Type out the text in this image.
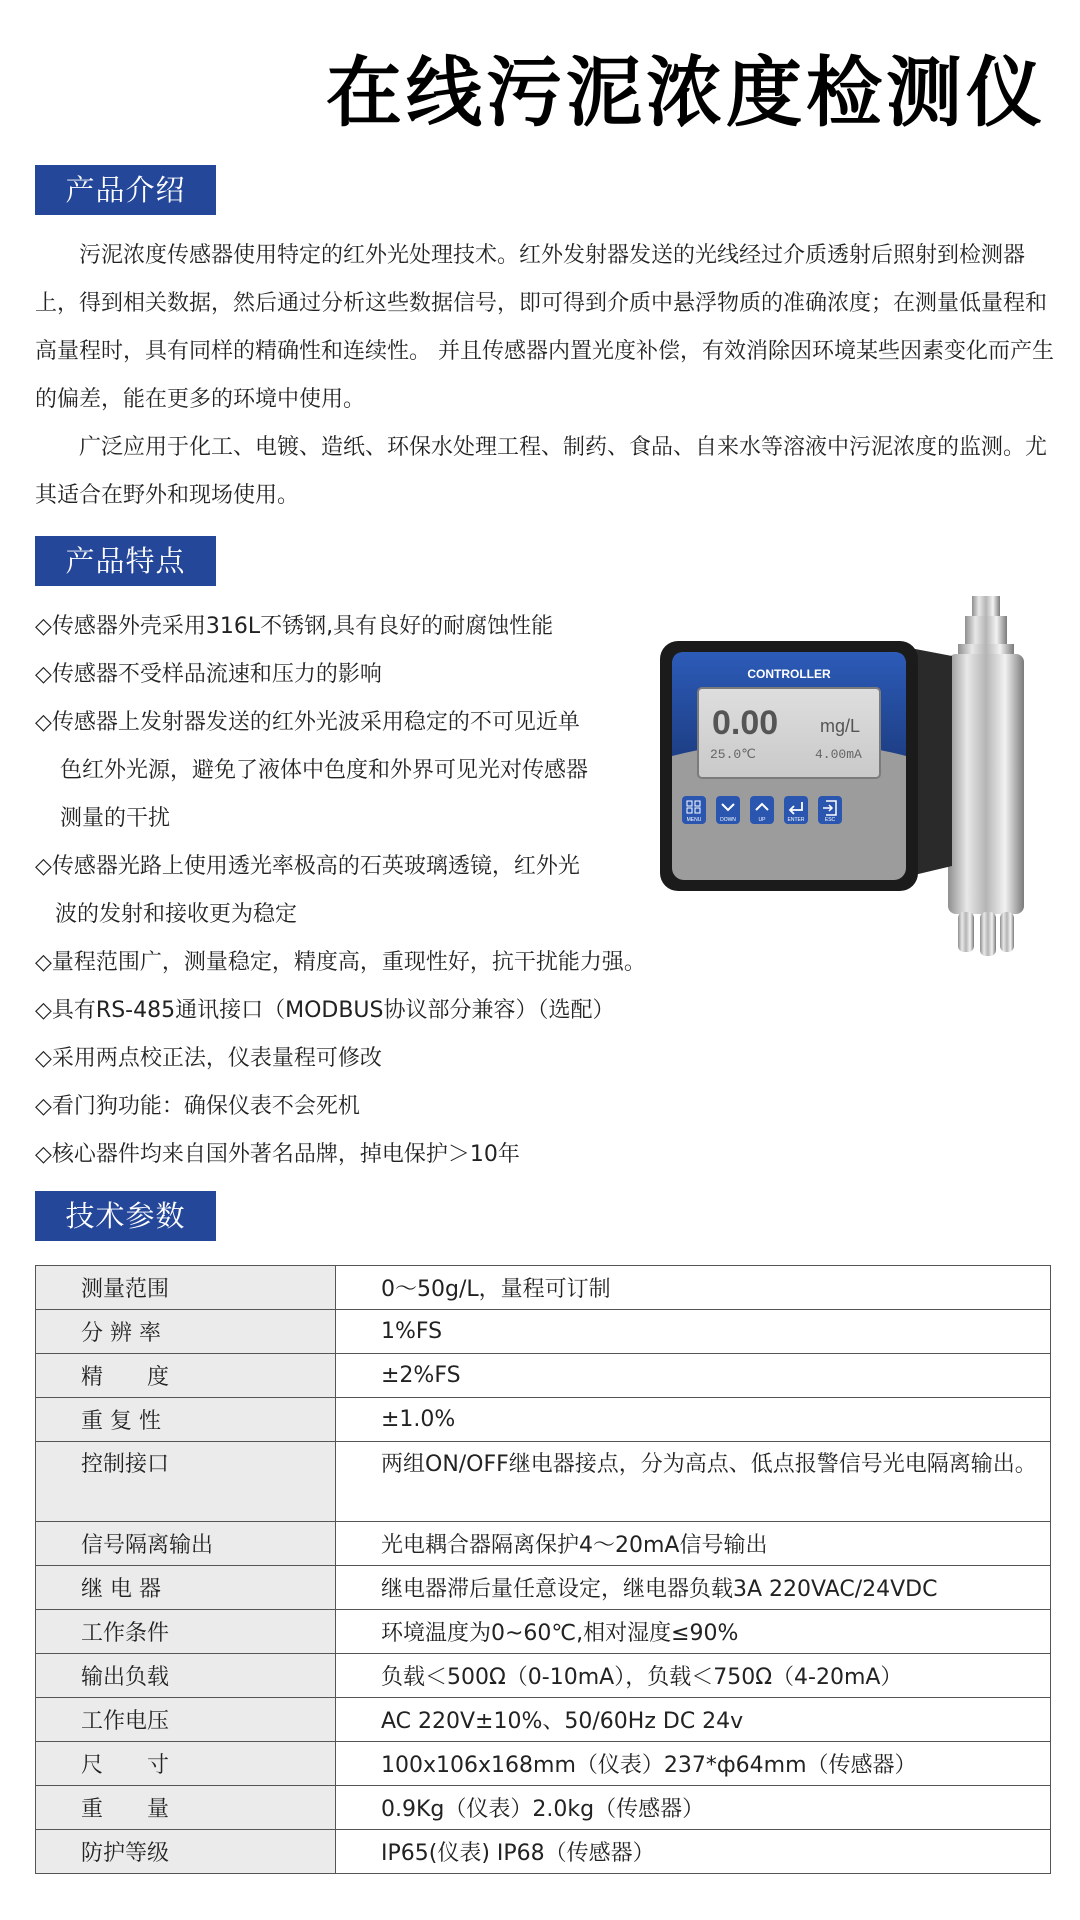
在线污泥浓度检测仪
产品介绍

污泥浓度传感器使用特定的红外光处理技术。红外发射器发送的光线经过介质透射后照射到检测器上，得到相关数据，然后通过分析这些数据信号，即可得到介质中悬浮物质的准确浓度；在测量低量程和高量程时，具有同样的精确性和连续性。 并且传感器内置光度补偿，有效消除因环境某些因素变化而产生的偏差，能在更多的环境中使用。

广泛应用于化工、电镀、造纸、环保水处理工程、制药、食品、自来水等溶液中污泥浓度的监测。尤其适合在野外和现场使用。

产品特点
◇传感器外壳采用316L不锈钢,具有良好的耐腐蚀性能
◇传感器不受样品流速和压力的影响
◇传感器上发射器发送的红外光波采用稳定的不可见近单
色红外光源，避免了液体中色度和外界可见光对传感器
测量的干扰
◇传感器光路上使用透光率极高的石英玻璃透镜，红外光
波的发射和接收更为稳定
◇量程范围广，测量稳定，精度高，重现性好，抗干扰能力强。
◇具有RS-485通讯接口（MODBUS协议部分兼容）（选配）
◇采用两点校正法，仪表量程可修改
◇看门狗功能：确保仪表不会死机
◇核心器件均来自国外著名品牌，掉电保护＞10年
CONTROLLER
0.00 mg/L
25.0℃	4.00mA
MENU	DOWN	UP	ENTER	ESC
技术参数
测量范围	0～50g/L，量程可订制
分 辨 率	1%FS
精　　度	±2%FS
重 复 性	±1.0%
控制接口	两组ON/OFF继电器接点，分为高点、低点报警信号光电隔离输出。
信号隔离输出	光电耦合器隔离保护4～20mA信号输出
继 电 器	继电器滞后量任意设定，继电器负载3A 220VAC/24VDC
工作条件	环境温度为0~60℃,相对湿度≤90%
输出负载	负载＜500Ω（0-10mA），负载＜750Ω（4-20mA）
工作电压	AC 220V±10%、50/60Hz DC 24v
尺　　寸	100x106x168mm（仪表）237*ф64mm（传感器）
重　　量	0.9Kg（仪表）2.0kg（传感器）
防护等级	IP65(仪表) IP68（传感器）
